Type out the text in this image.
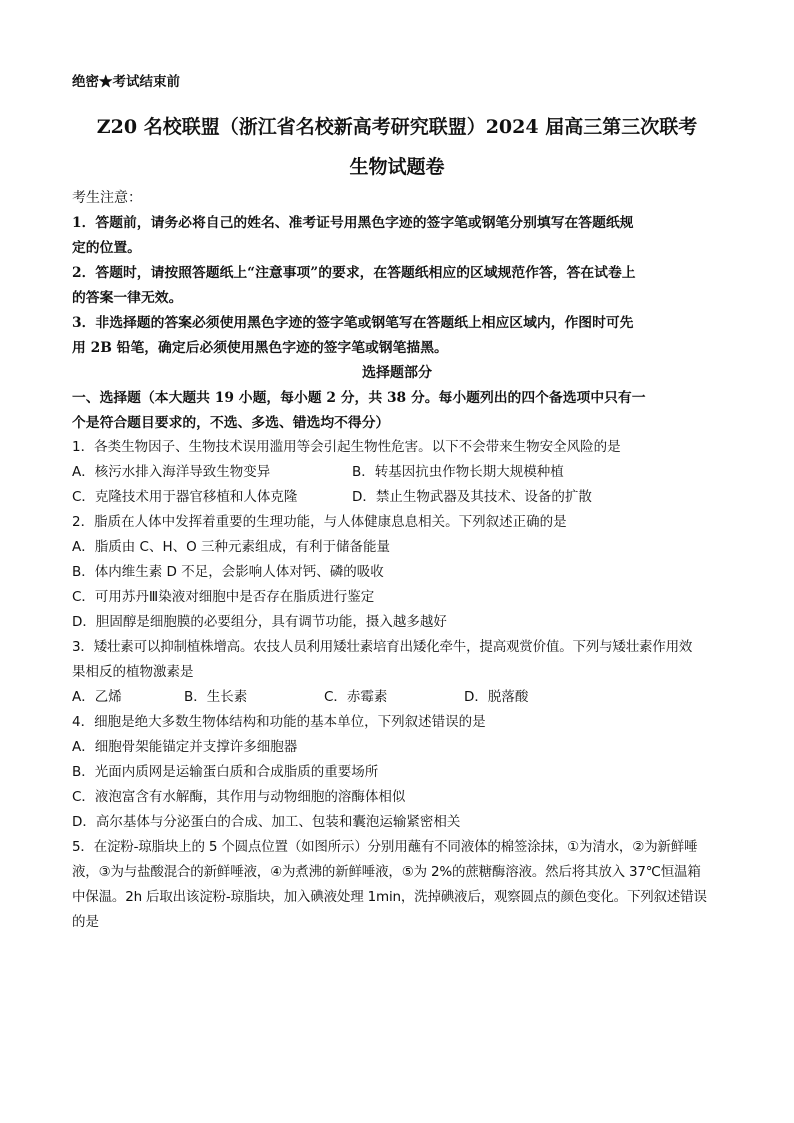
绝密★考试结束前
Z20 名校联盟（浙江省名校新高考研究联盟）2024 届高三第三次联考
生物试题卷
考生注意：
1．答题前，请务必将自己的姓名、准考证号用黑色字迹的签字笔或钢笔分别填写在答题纸规
定的位置。
2．答题时，请按照答题纸上“注意事项”的要求，在答题纸相应的区域规范作答，答在试卷上
的答案一律无效。
3．非选择题的答案必须使用黑色字迹的签字笔或钢笔写在答题纸上相应区域内，作图时可先
用 2B 铅笔，确定后必须使用黑色字迹的签字笔或钢笔描黑。
选择题部分
一、选择题（本大题共 19 小题，每小题 2 分，共 38 分。每小题列出的四个备选项中只有一
个是符合题目要求的，不选、多选、错选均不得分）
1．各类生物因子、生物技术误用滥用等会引起生物性危害。以下不会带来生物安全风险的是
A．核污水排入海洋导致生物变异	B．转基因抗虫作物长期大规模种植
C．克隆技术用于器官移植和人体克隆	D．禁止生物武器及其技术、设备的扩散
2．脂质在人体中发挥着重要的生理功能，与人体健康息息相关。下列叙述正确的是
A．脂质由 C、H、O 三种元素组成，有利于储备能量
B．体内维生素 D 不足，会影响人体对钙、磷的吸收
C．可用苏丹Ⅲ染液对细胞中是否存在脂质进行鉴定
D．胆固醇是细胞膜的必要组分，具有调节功能，摄入越多越好
3．矮壮素可以抑制植株增高。农技人员利用矮壮素培育出矮化牵牛，提高观赏价值。下列与矮壮素作用效
果相反的植物激素是
A．乙烯	B．生长素	C．赤霉素	D．脱落酸
4．细胞是绝大多数生物体结构和功能的基本单位，下列叙述错误的是
A．细胞骨架能锚定并支撑许多细胞器
B．光面内质网是运输蛋白质和合成脂质的重要场所
C．液泡富含有水解酶，其作用与动物细胞的溶酶体相似
D．高尔基体与分泌蛋白的合成、加工、包装和囊泡运输紧密相关
5．在淀粉-琼脂块上的 5 个圆点位置（如图所示）分别用蘸有不同液体的棉签涂抹，①为清水，②为新鲜唾
液，③为与盐酸混合的新鲜唾液，④为煮沸的新鲜唾液，⑤为 2%的蔗糖酶溶液。然后将其放入 37℃恒温箱
中保温。2h 后取出该淀粉-琼脂块，加入碘液处理 1min，洗掉碘液后，观察圆点的颜色变化。下列叙述错误
的是
